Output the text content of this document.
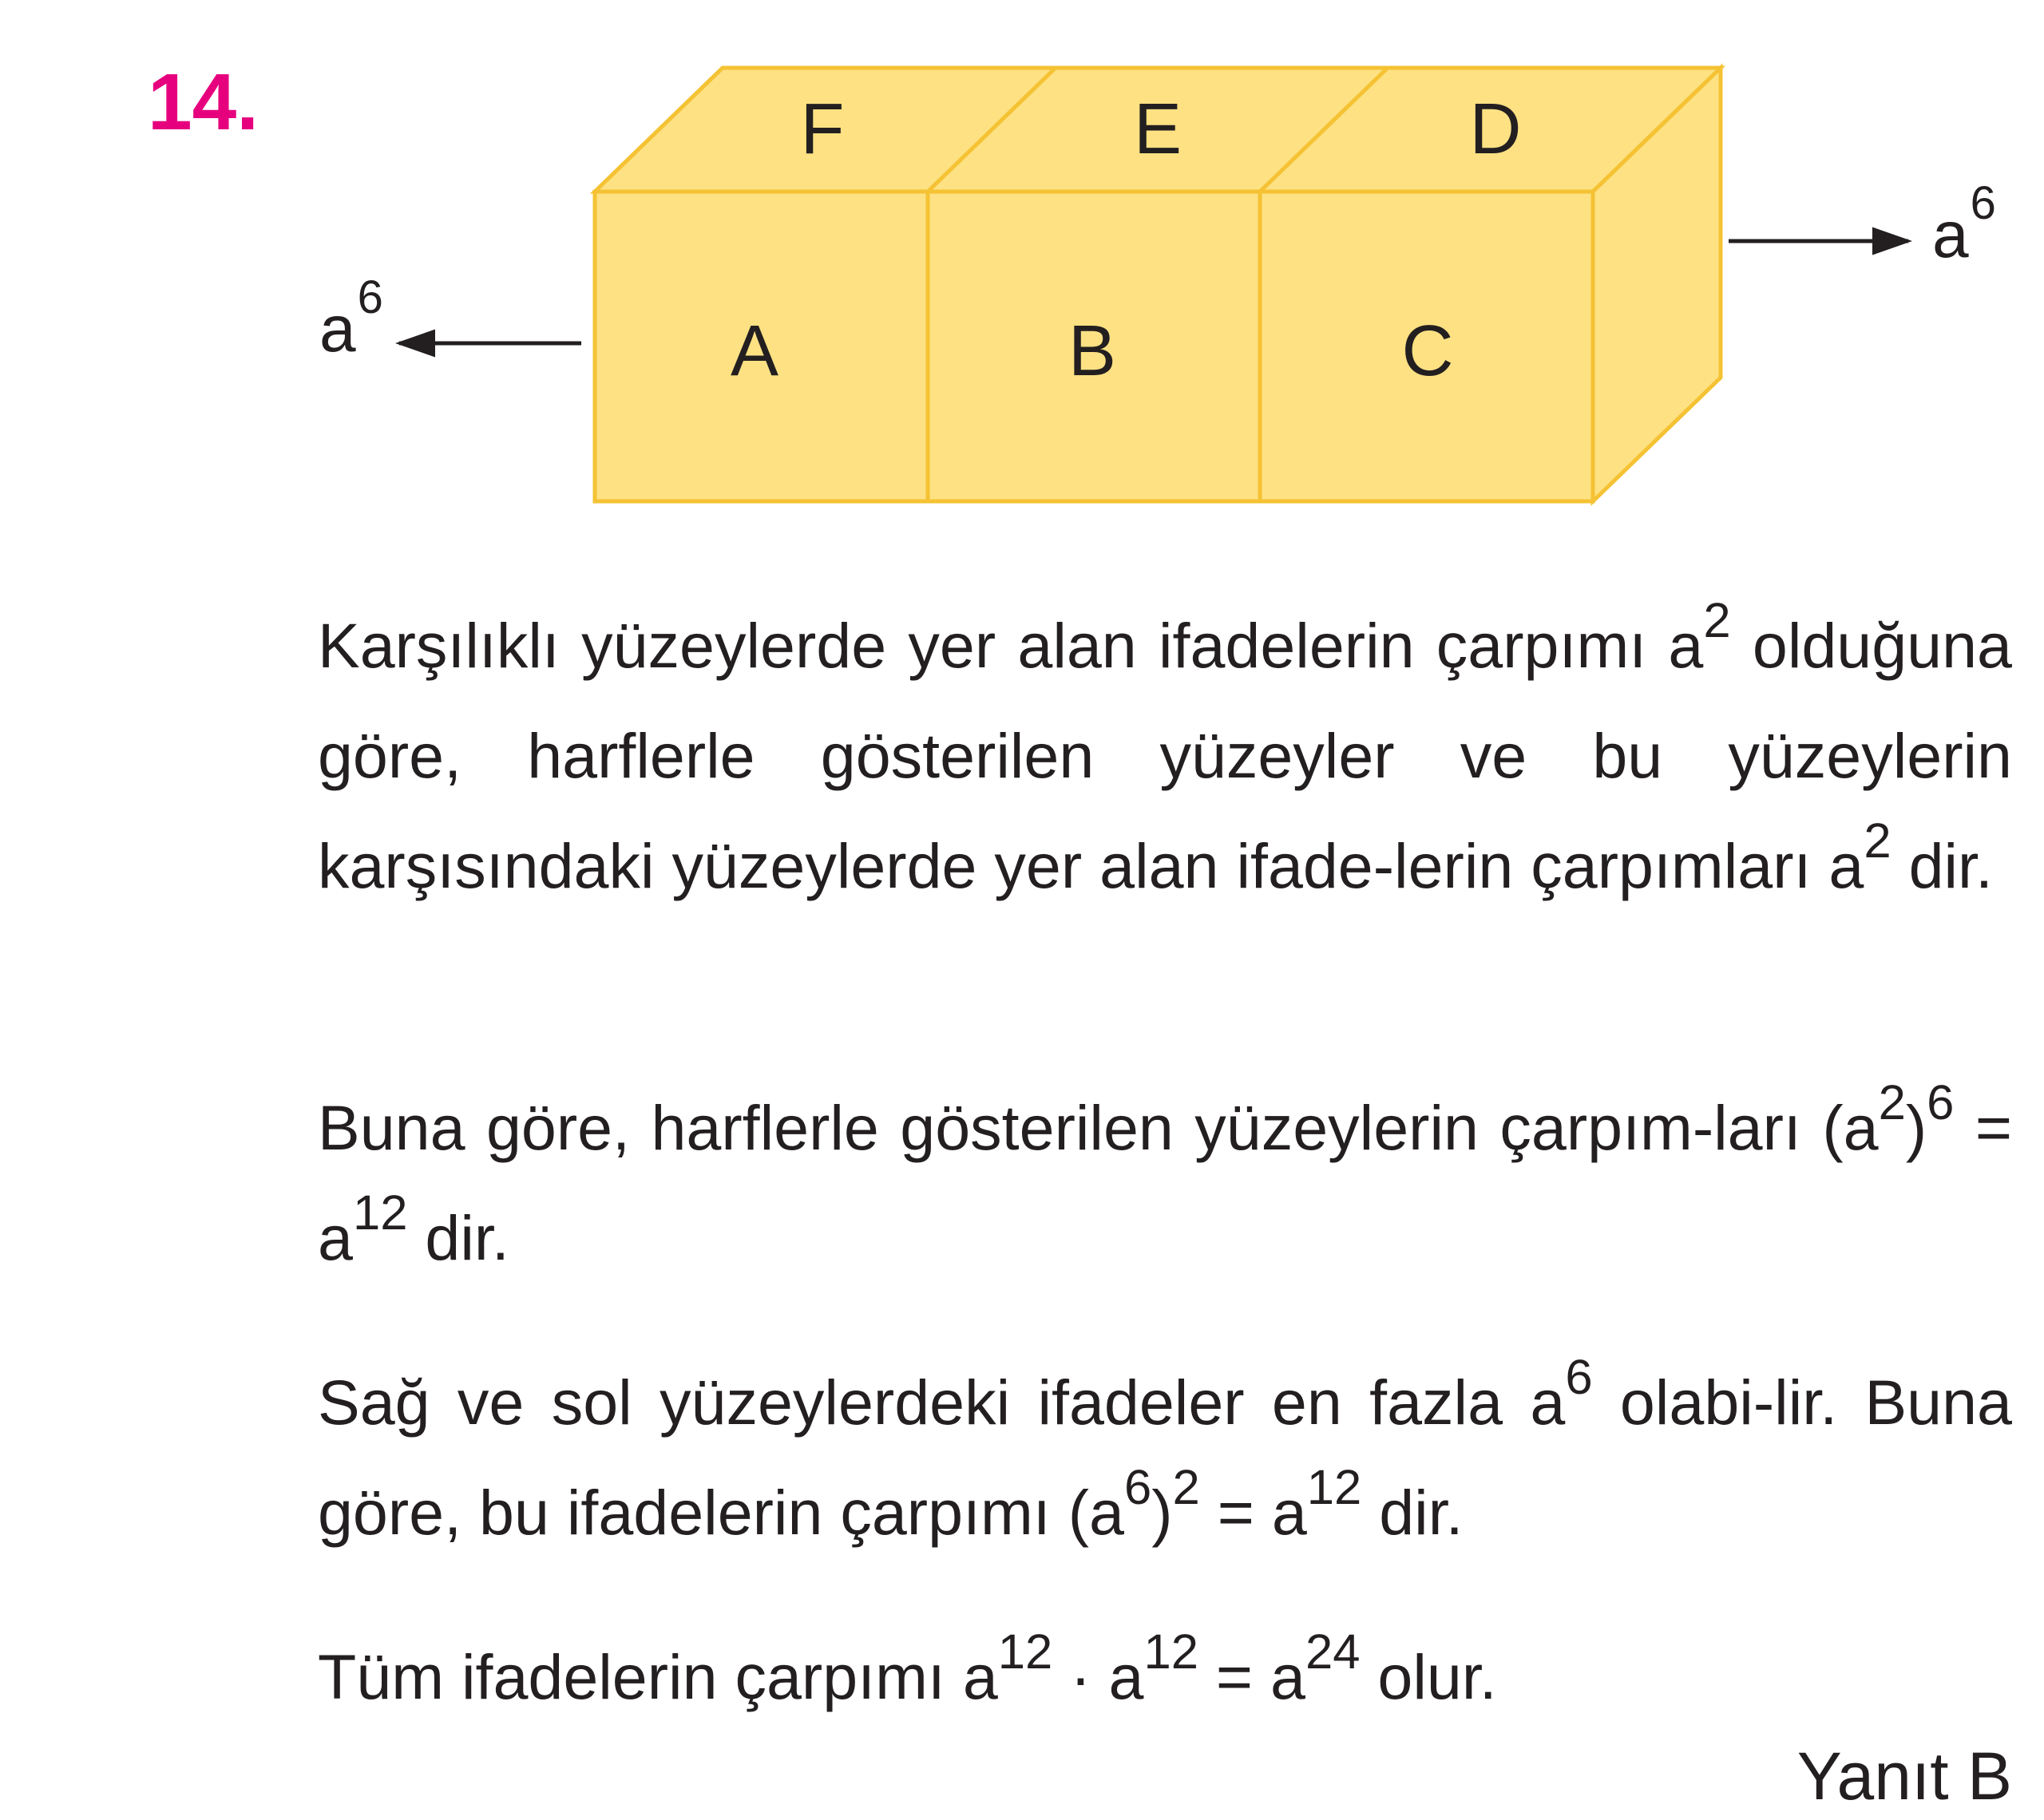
14.	F	E	D
A	B	C
$a^6$
$a^6$

Karşılıklı yüzeylerde yer alan ifadelerin çarpımı $a^2$ olduğuna göre, harflerle gösterilen yüzeyler ve bu yüzeylerin karşısındaki yüzeylerde yer alan ifade-lerin çarpımları $a^2$ dir.

Buna göre, harflerle gösterilen yüzeylerin çarpım-ları $(a^2)^6 = a^{12}$ dir.

Sağ ve sol yüzeylerdeki ifadeler en fazla $a^6$ olabi-lir. Buna göre, bu ifadelerin çarpımı $(a^6)^2 = a^{12}$ dir.

Tüm ifadelerin çarpımı $a^{12} \cdot a^{12} = a^{24}$ olur.

Yanıt B
